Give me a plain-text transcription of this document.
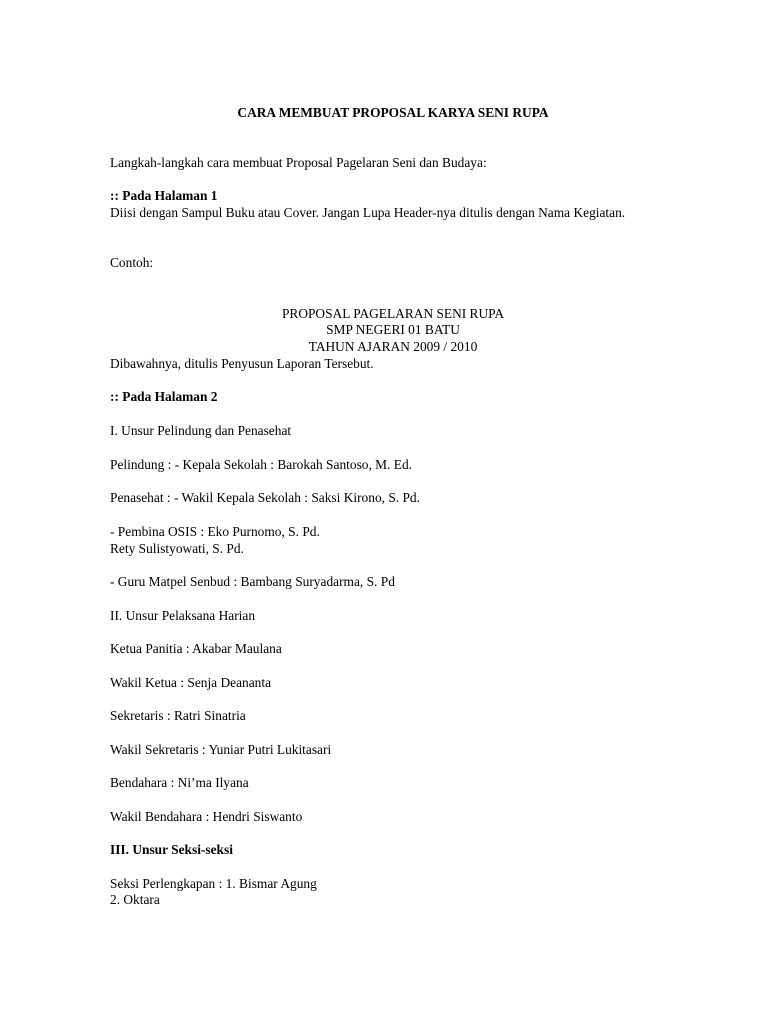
CARA MEMBUAT PROPOSAL KARYA SENI RUPA
Langkah-langkah cara membuat Proposal Pagelaran Seni dan Budaya:
:: Pada Halaman 1
Diisi dengan Sampul Buku atau Cover. Jangan Lupa Header-nya ditulis dengan Nama Kegiatan.
Contoh:
PROPOSAL PAGELARAN SENI RUPA
SMP NEGERI 01 BATU
TAHUN AJARAN 2009 / 2010
Dibawahnya, ditulis Penyusun Laporan Tersebut.
:: Pada Halaman 2
I. Unsur Pelindung dan Penasehat
Pelindung : - Kepala Sekolah : Barokah Santoso, M. Ed.
Penasehat : - Wakil Kepala Sekolah : Saksi Kirono, S. Pd.
- Pembina OSIS : Eko Purnomo, S. Pd.
Rety Sulistyowati, S. Pd.
- Guru Matpel Senbud : Bambang Suryadarma, S. Pd
II. Unsur Pelaksana Harian
Ketua Panitia : Akabar Maulana
Wakil Ketua : Senja Deananta
Sekretaris : Ratri Sinatria
Wakil Sekretaris : Yuniar Putri Lukitasari
Bendahara : Ni’ma Ilyana
Wakil Bendahara : Hendri Siswanto
III. Unsur Seksi-seksi
Seksi Perlengkapan : 1. Bismar Agung
2. Oktara
